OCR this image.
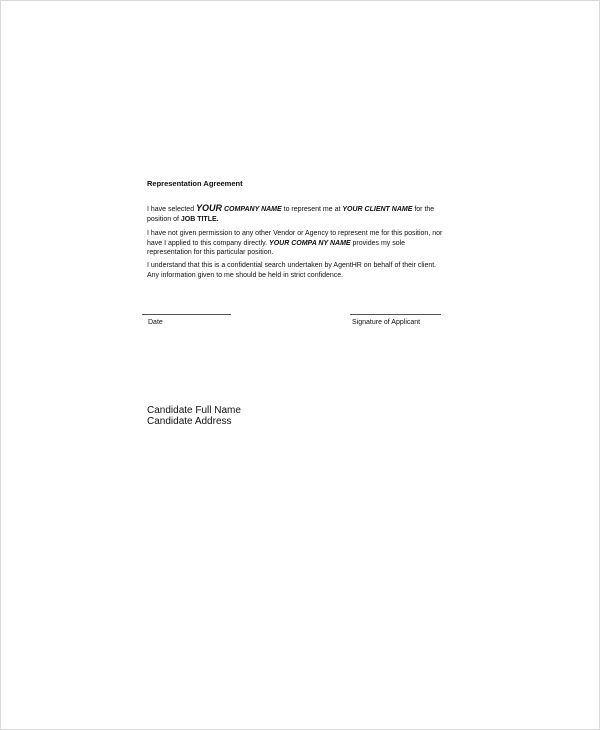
Representation Agreement
I have selected YOUR COMPANY NAME to represent me at YOUR CLIENT NAME for the
position of JOB TITLE.
I have not given permission to any other Vendor or Agency to represent me for this position, nor
have I applied to this company directly. YOUR COMPA NY NAME provides my sole
representation for this particular position.
I understand that this is a confidential search undertaken by AgentHR on behalf of their client.
Any information given to me should be held in strict confidence.
Date	Signature of Applicant
Candidate Full Name
Candidate Address
